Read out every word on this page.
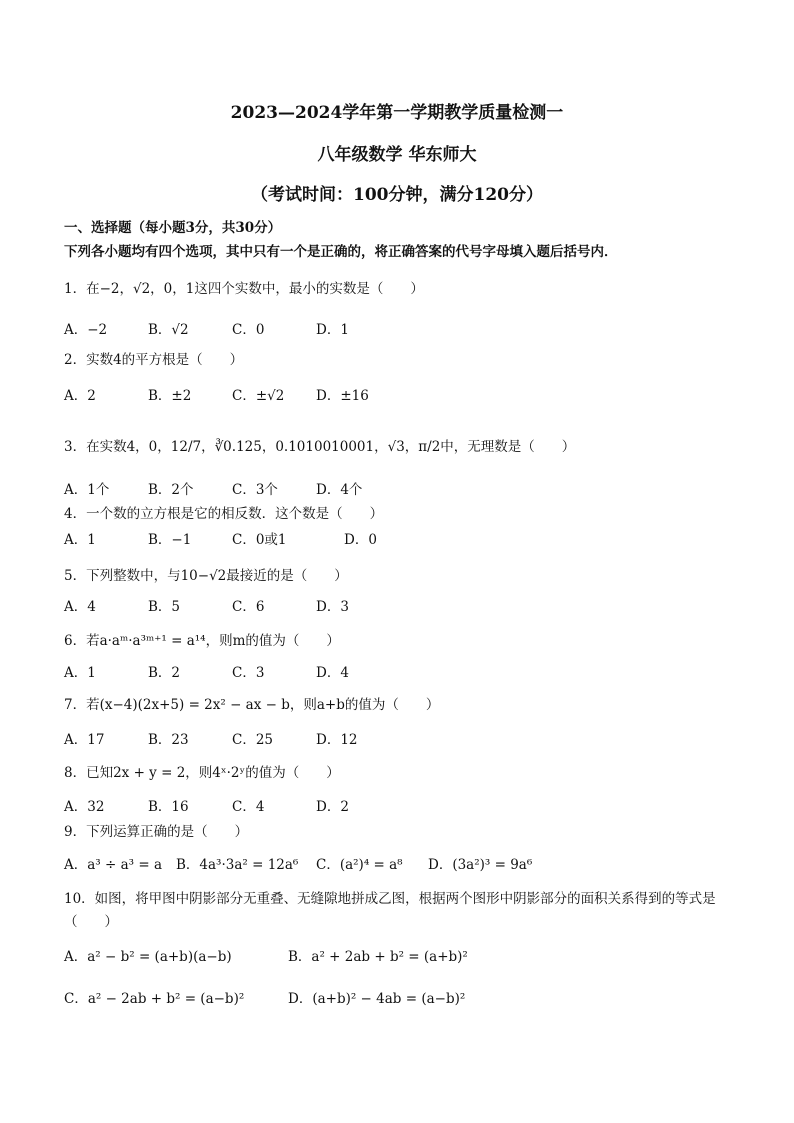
2023—2024学年第一学期教学质量检测一
八年级数学 华东师大
（考试时间：100分钟，满分120分）
一、选择题（每小题3分，共30分）
下列各小题均有四个选项，其中只有一个是正确的，将正确答案的代号字母填入题后括号内．
1．在−2，√2，0，1这四个实数中，最小的实数是（　　）
A．−2	B．√2	C．0	D．1
2．实数4的平方根是（　　）
A．2	B．±2	C．±√2 D．±16
3．在实数4，0，12/7，∛0.125，0.1010010001，√3，π/2中，无理数是（　　）
A．1个	B．2个	C．3个	D．4个
4．一个数的立方根是它的相反数．这个数是（　　）
A．1	B．−1	C．0或1	D．0
5．下列整数中，与10−√2最接近的是（　　）
A．4	B．5	C．6	D．3
6．若a·aᵐ·a³ᵐ⁺¹ = a¹⁴，则m的值为（　　）
A．1	B．2	C．3	D．4
7．若(x−4)(2x+5) = 2x² − ax − b，则a+b的值为（　　）
A．17	B．23	C．25	D．12
8．已知2x + y = 2，则4ˣ·2ʸ的值为（　　）
A．32	B．16	C．4	D．2
9．下列运算正确的是（　　）
A．a³ ÷ a³ = a B．4a³·3a² = 12a⁶ C．(a²)⁴ = a⁸ D．(3a²)³ = 9a⁶
10．如图，将甲图中阴影部分无重叠、无缝隙地拼成乙图，根据两个图形中阴影部分的面积关系得到的等式是
（　　）
A．a² − b² = (a+b)(a−b)	B．a² + 2ab + b² = (a+b)²
C．a² − 2ab + b² = (a−b)²	D．(a+b)² − 4ab = (a−b)²
